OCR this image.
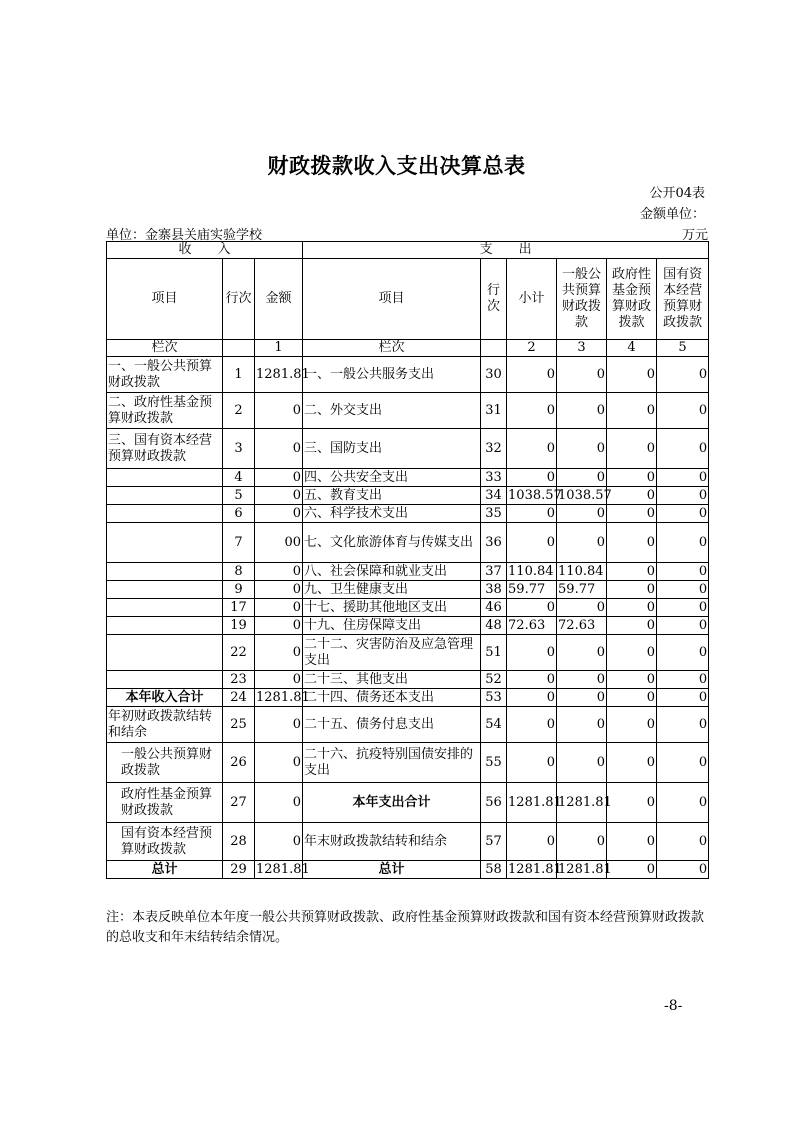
财政拨款收入支出决算总表
公开04表
金额单位：
单位：金寨县关庙实验学校	万元
收　　入			支　　出					
项目	行次	金额	项目	行次	小计	一般公共预算财政拨款	政府性基金预算财政拨款	国有资本经营预算财政拨款
栏次		1	栏次		2	3	4	5
一、一般公共预算财政拨款	1	1281.81	一、一般公共服务支出	30	0	0	0	0
二、政府性基金预算财政拨款	2	0	二、外交支出	31	0	0	0	0
三、国有资本经营预算财政拨款	3	0	三、国防支出	32	0	0	0	0
	4	0	四、公共安全支出	33	0	0	0	0
	5	0	五、教育支出	34	1038.57	1038.57	0	0
	6	0	六、科学技术支出	35	0	0	0	0
	7	00	七、文化旅游体育与传媒支出	36	0	0	0	0
	8	0	八、社会保障和就业支出	37	110.84	110.84	0	0
	9	0	九、卫生健康支出	38	59.77	59.77	0	0
	17	0	十七、援助其他地区支出	46	0	0	0	0
	19	0	十九、住房保障支出	48	72.63	72.63	0	0
	22	0	二十二、灾害防治及应急管理支出	51	0	0	0	0
	23	0	二十三、其他支出	52	0	0	0	0
本年收入合计	24	1281.81	二十四、债务还本支出	53	0	0	0	0
年初财政拨款结转和结余	25	0	二十五、债务付息支出	54	0	0	0	0
一般公共预算财政拨款	26	0	二十六、抗疫特别国债安排的支出	55	0	0	0	0
政府性基金预算财政拨款	27	0	本年支出合计	56	1281.81	1281.81	0	0
国有资本经营预算财政拨款	28	0	年末财政拨款结转和结余	57	0	0	0	0
总计	29	1281.81	总计	58	1281.81	1281.81	0	0
注：本表反映单位本年度一般公共预算财政拨款、政府性基金预算财政拨款和国有资本经营预算财政拨款的总收支和年末结转结余情况。
-8-
